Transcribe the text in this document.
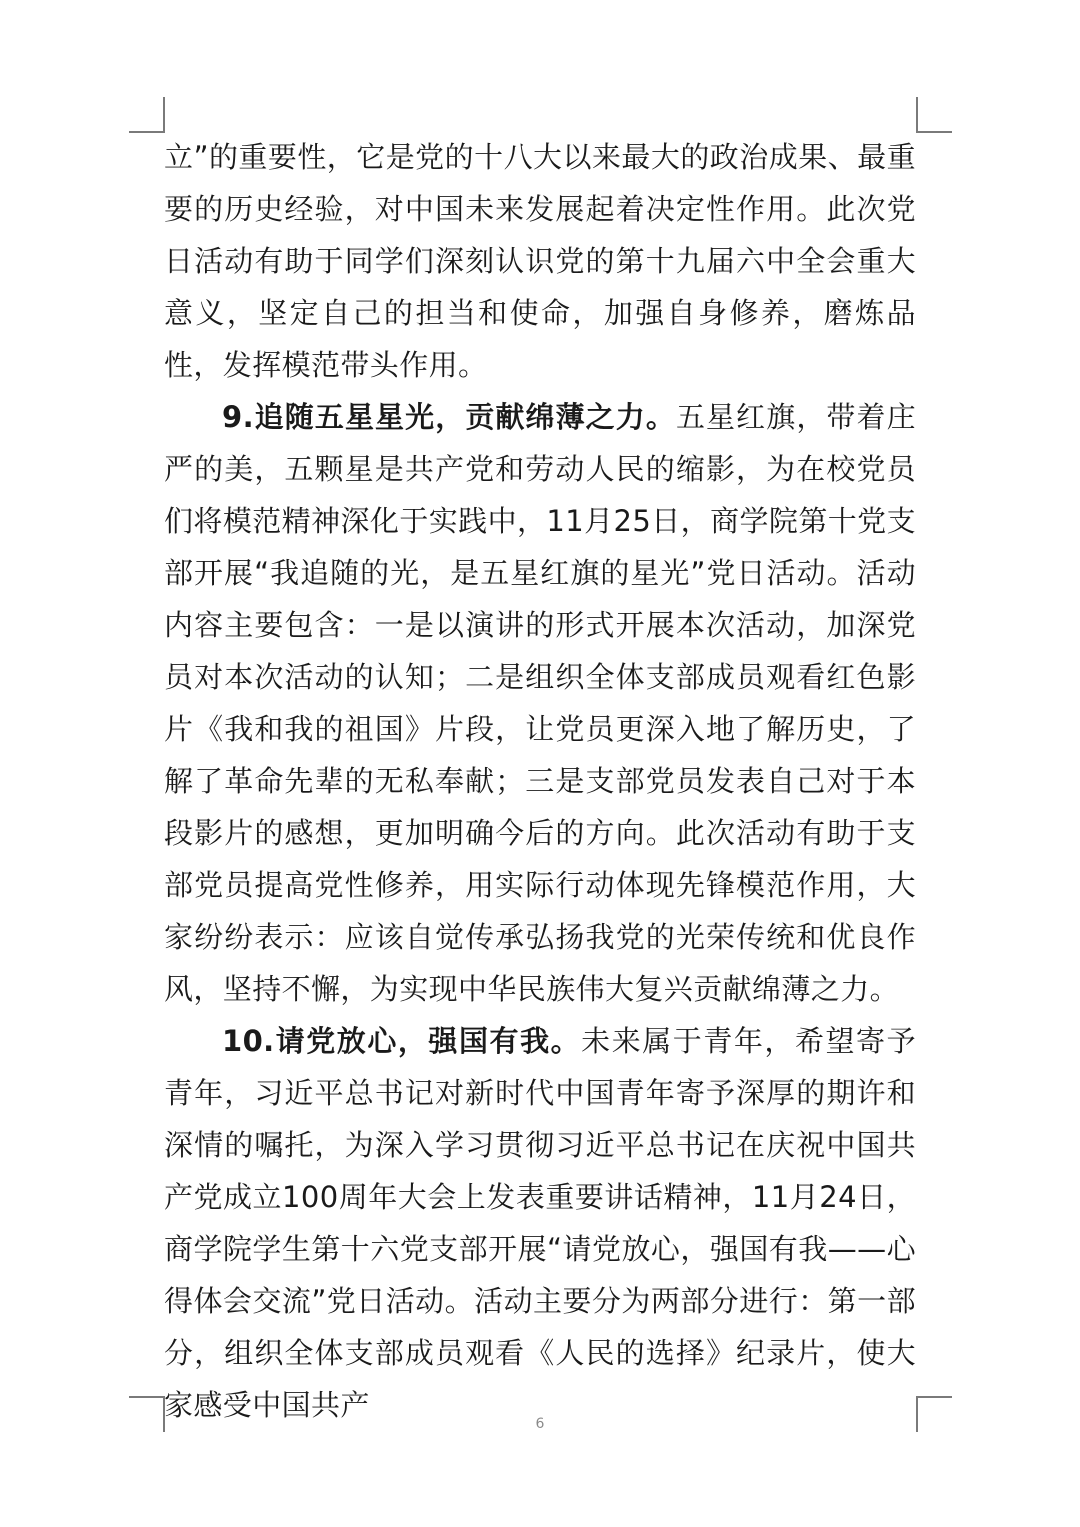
立”的重要性，它是党的十八大以来最大的政治成果、最重要的历史经验，对中国未来发展起着决定性作用。此次党日活动有助于同学们深刻认识党的第十九届六中全会重大意义，坚定自己的担当和使命，加强自身修养，磨炼品性，发挥模范带头作用。

9.追随五星星光，贡献绵薄之力。五星红旗，带着庄严的美，五颗星是共产党和劳动人民的缩影，为在校党员们将模范精神深化于实践中，11月25日，商学院第十党支部开展“我追随的光，是五星红旗的星光”党日活动。活动内容主要包含：一是以演讲的形式开展本次活动，加深党员对本次活动的认知；二是组织全体支部成员观看红色影片《我和我的祖国》片段，让党员更深入地了解历史，了解了革命先辈的无私奉献；三是支部党员发表自己对于本段影片的感想，更加明确今后的方向。此次活动有助于支部党员提高党性修养，用实际行动体现先锋模范作用，大家纷纷表示：应该自觉传承弘扬我党的光荣传统和优良作风，坚持不懈，为实现中华民族伟大复兴贡献绵薄之力。

10.请党放心，强国有我。未来属于青年，希望寄予青年，习近平总书记对新时代中国青年寄予深厚的期许和深情的嘱托，为深入学习贯彻习近平总书记在庆祝中国共产党成立100周年大会上发表重要讲话精神，11月24日，商学院学生第十六党支部开展“请党放心，强国有我——心得体会交流”党日活动。活动主要分为两部分进行：第一部分，组织全体支部成员观看《人民的选择》纪录片，使大家感受中国共产

6
